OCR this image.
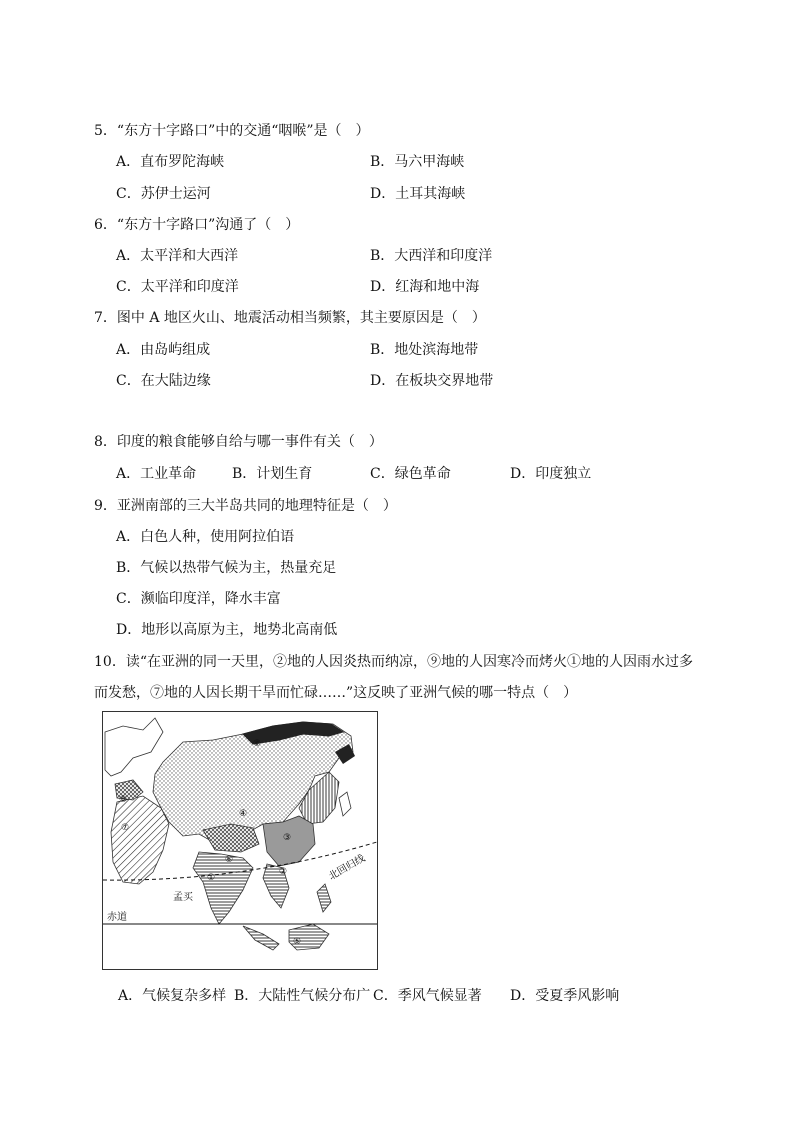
5．“东方十字路口”中的交通“咽喉”是（　）
A．直布罗陀海峡	B．马六甲海峡
C．苏伊士运河	D．土耳其海峡
6．“东方十字路口”沟通了（　）
A．太平洋和大西洋	B．大西洋和印度洋
C．太平洋和印度洋	D．红海和地中海
7．图中 A 地区火山、地震活动相当频繁，其主要原因是（　）
A．由岛屿组成	B．地处滨海地带
C．在大陆边缘	D．在板块交界地带
8．印度的粮食能够自给与哪一事件有关（　）
A．工业革命	B．计划生育	C．绿色革命	D．印度独立
9．亚洲南部的三大半岛共同的地理特征是（　）
A．白色人种，使用阿拉伯语
B．气候以热带气候为主，热量充足
C．濒临印度洋，降水丰富
D．地形以高原为主，地势北高南低
10．读“在亚洲的同一天里，②地的人因炎热而纳凉，⑨地的人因寒冷而烤火①地的人因雨水过多
而发愁，⑦地的人因长期干旱而忙碌……”这反映了亚洲气候的哪一特点（　）
①
②
③
④
⑤
⑥
⑦
⑧
⑨
北回归线
孟买
赤道
A．气候复杂多样 B．大陆性气候分布广 C．季风气候显著 D．受夏季风影响
